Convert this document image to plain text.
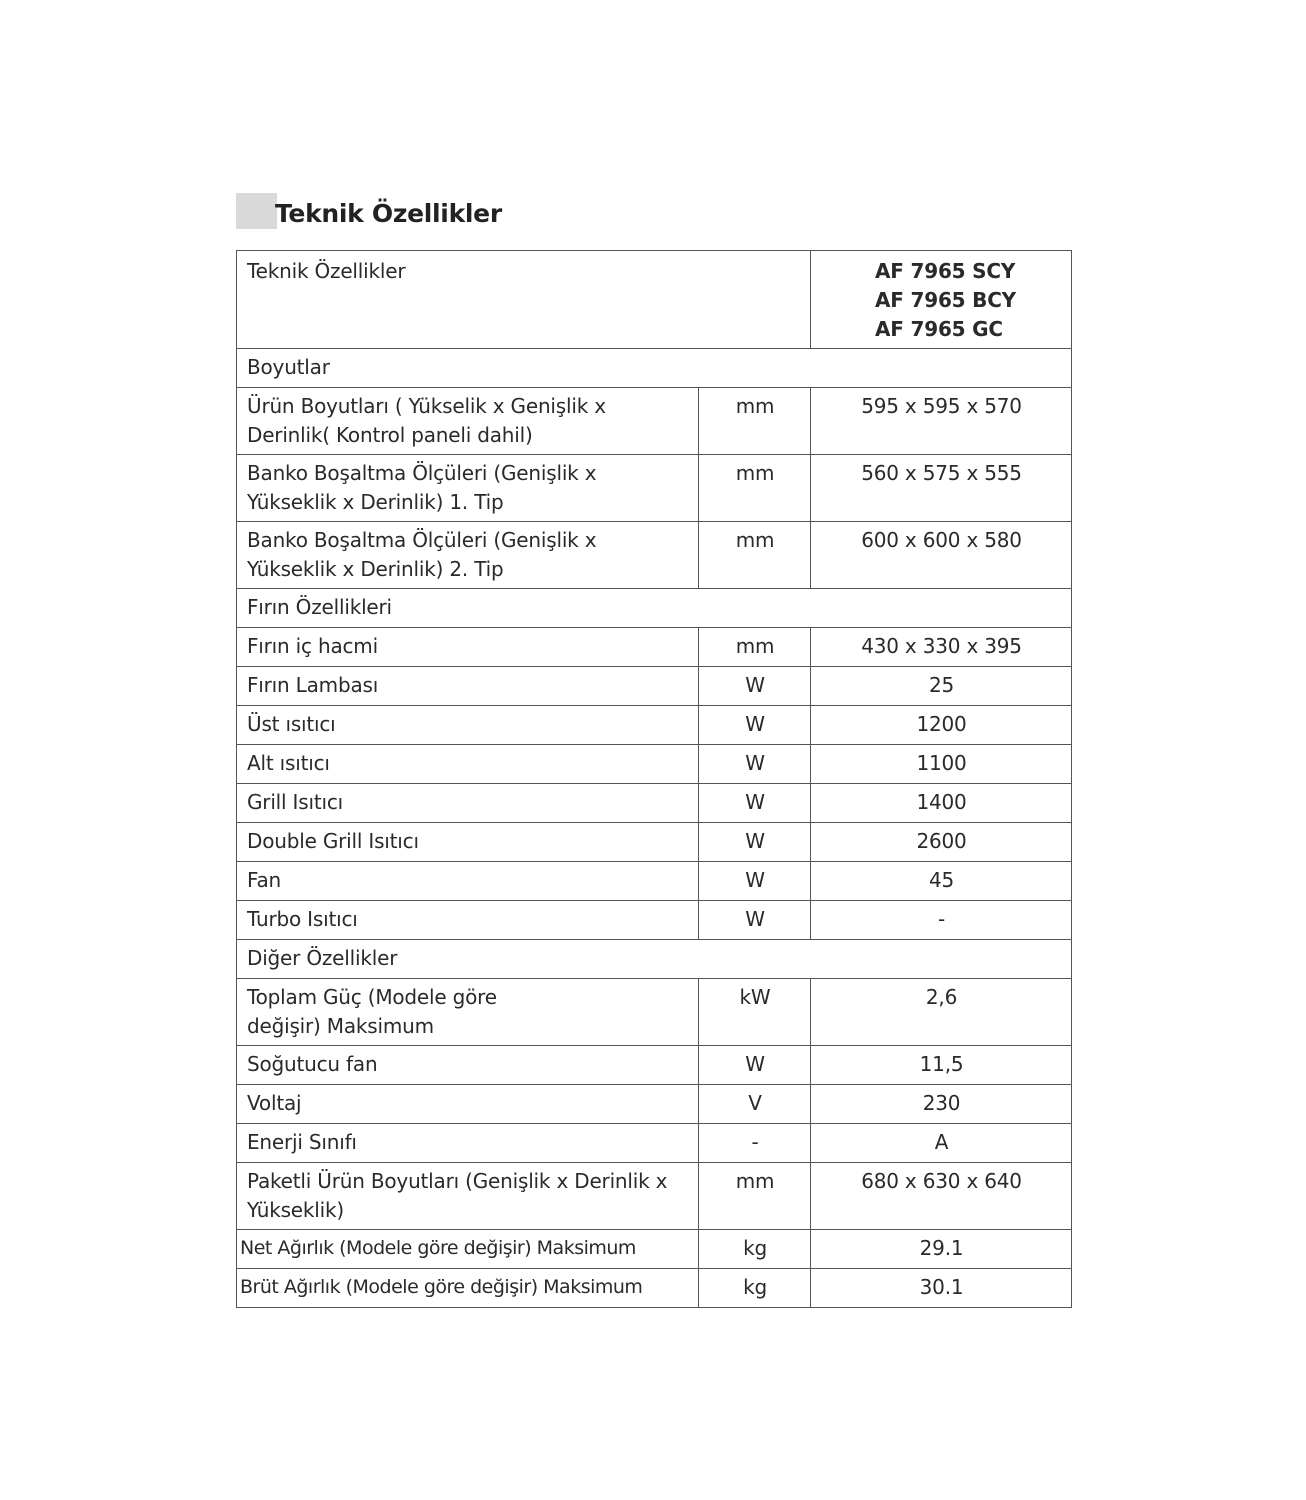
Teknik Özellikler
Teknik Özellikler		AF 7965 SCY
AF 7965 BCY
AF 7965 GC

Boyutlar		
Ürün Boyutları ( Yükselik x Genişlik x Derinlik( Kontrol paneli dahil)	mm	595 x 595 x 570
Banko Boşaltma Ölçüleri (Genişlik x Yükseklik x Derinlik) 1. Tip	mm	560 x 575 x 555
Banko Boşaltma Ölçüleri (Genişlik x Yükseklik x Derinlik) 2. Tip	mm	600 x 600 x 580
Fırın Özellikleri		
Fırın iç hacmi	mm	430 x 330 x 395
Fırın Lambası	W	25
Üst ısıtıcı	W	1200
Alt ısıtıcı	W	1100
Grill Isıtıcı	W	1400
Double Grill Isıtıcı	W	2600
Fan	W	45
Turbo Isıtıcı	W	-
Diğer Özellikler		
Toplam Güç (Modele göre değişir) Maksimum	kW	2,6
Soğutucu fan	W	11,5
Voltaj	V	230
Enerji Sınıfı	-	A
Paketli Ürün Boyutları (Genişlik x Derinlik x Yükseklik)	mm	680 x 630 x 640
Net Ağırlık (Modele göre değişir) Maksimum	kg	29.1
Brüt Ağırlık (Modele göre değişir) Maksimum	kg	30.1
